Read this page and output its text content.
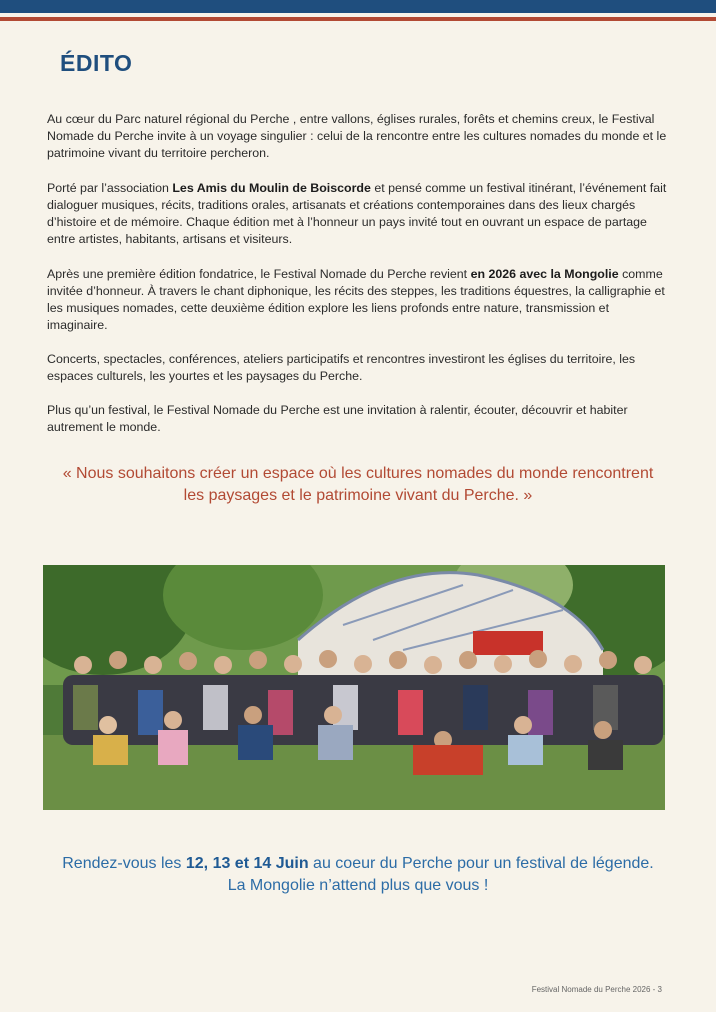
ÉDITO

Au cœur du Parc naturel régional du Perche , entre vallons, églises rurales, forêts et chemins creux, le Festival Nomade du Perche invite à un voyage singulier : celui de la rencontre entre les cultures nomades du monde et le patrimoine vivant du territoire percheron.

Porté par l’association Les Amis du Moulin de Boiscorde et pensé comme un festival itinérant, l’événement fait dialoguer musiques, récits, traditions orales, artisanats et créations contemporaines dans des lieux chargés d’histoire et de mémoire. Chaque édition met à l’honneur un pays invité tout en ouvrant un espace de partage entre artistes, habitants, artisans et visiteurs.

Après une première édition fondatrice, le Festival Nomade du Perche revient en 2026 avec la Mongolie comme invitée d’honneur. À travers le chant diphonique, les récits des steppes, les traditions équestres, la calligraphie et les musiques nomades, cette deuxième édition explore les liens profonds entre nature, transmission et imaginaire.

Concerts, spectacles, conférences, ateliers participatifs et rencontres investiront les églises du territoire, les espaces culturels, les yourtes et les paysages du Perche.

Plus qu’un festival, le Festival Nomade du Perche est une invitation à ralentir, écouter, découvrir et habiter autrement le monde.

« Nous souhaitons créer un espace où les cultures nomades du monde rencontrent
les paysages et le patrimoine vivant du Perche. »
Rendez-vous les 12, 13 et 14 Juin au coeur du Perche pour un festival de légende.
La Mongolie n’attend plus que vous !
Festival Nomade du Perche 2026 - 3
